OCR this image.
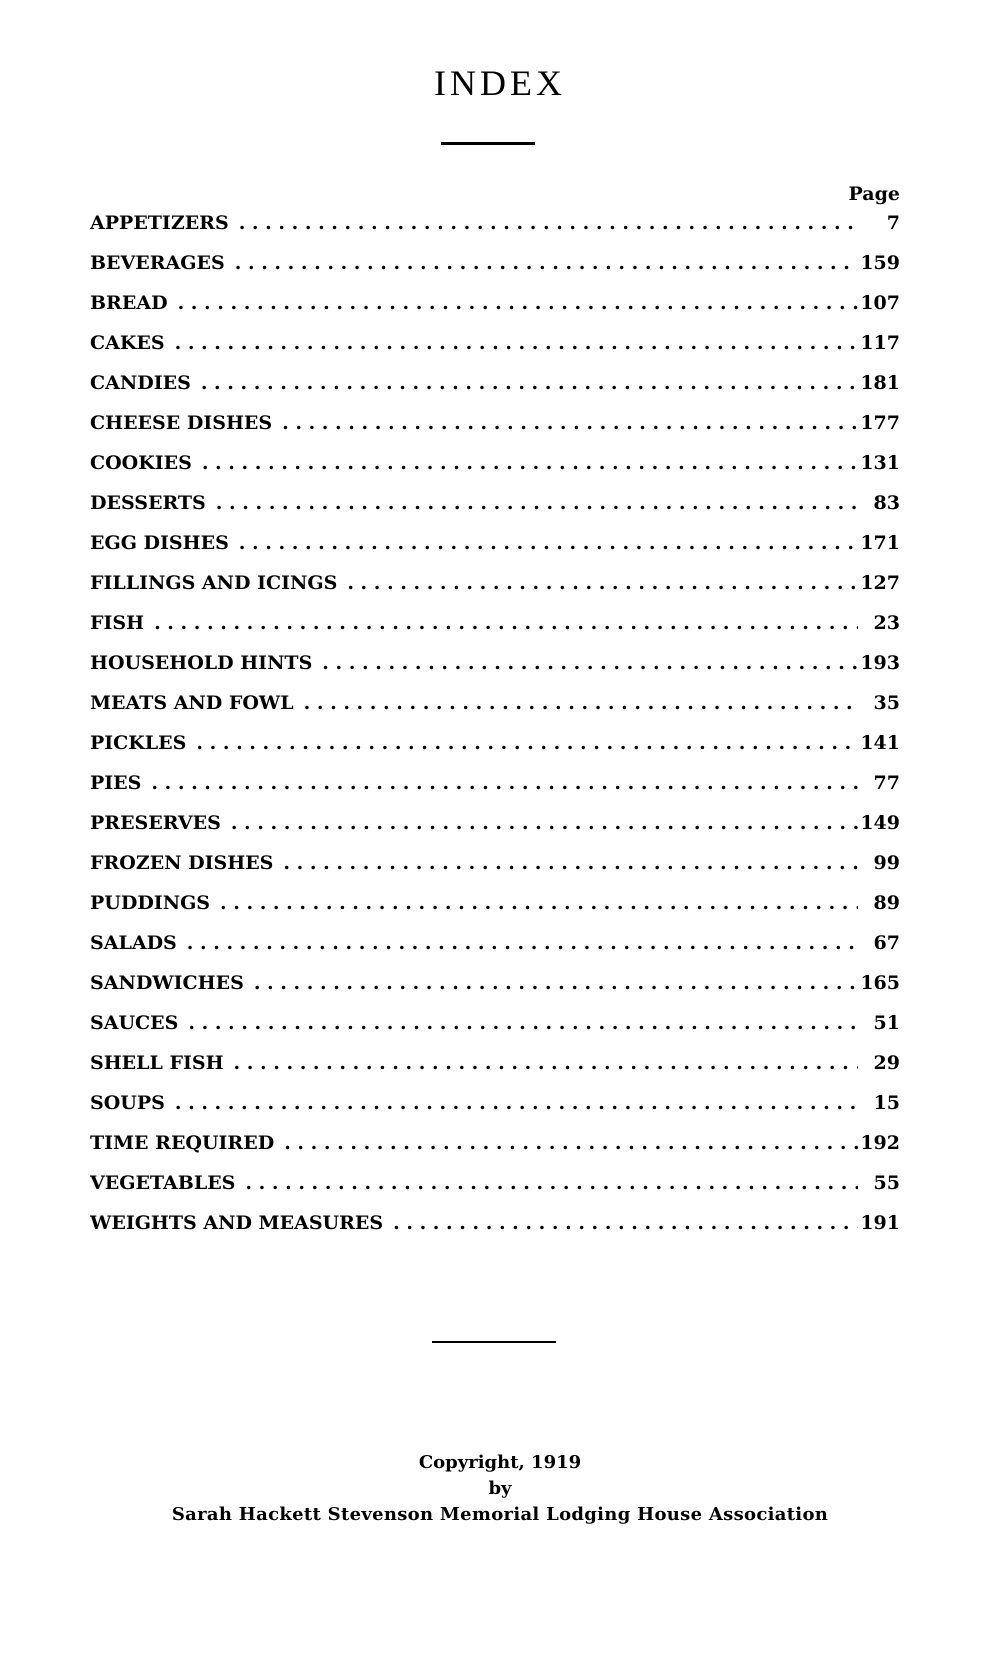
INDEX
Page
APPETIZERS . . .	7
BEVERAGES . . .	159
BREAD . . .	107
CAKES . . .	117
CANDIES . . .	181
CHEESE DISHES . . .	177
COOKIES . . .	131
DESSERTS . . .	83
EGG DISHES . . .	171
FILLINGS AND ICINGS . . .	127
FISH . . .	23
HOUSEHOLD HINTS . . .	193
MEATS AND FOWL . . .	35
PICKLES . . .	141
PIES . . .	77
PRESERVES . . .	149
FROZEN DISHES . . .	99
PUDDINGS . . .	89
SALADS . . .	67
SANDWICHES . . .	165
SAUCES . . .	51
SHELL FISH . . .	29
SOUPS . . .	15
TIME REQUIRED . . .	192
VEGETABLES . . .	55
WEIGHTS AND MEASURES . . .	191
Copyright, 1919
by
Sarah Hackett Stevenson Memorial Lodging House Association
